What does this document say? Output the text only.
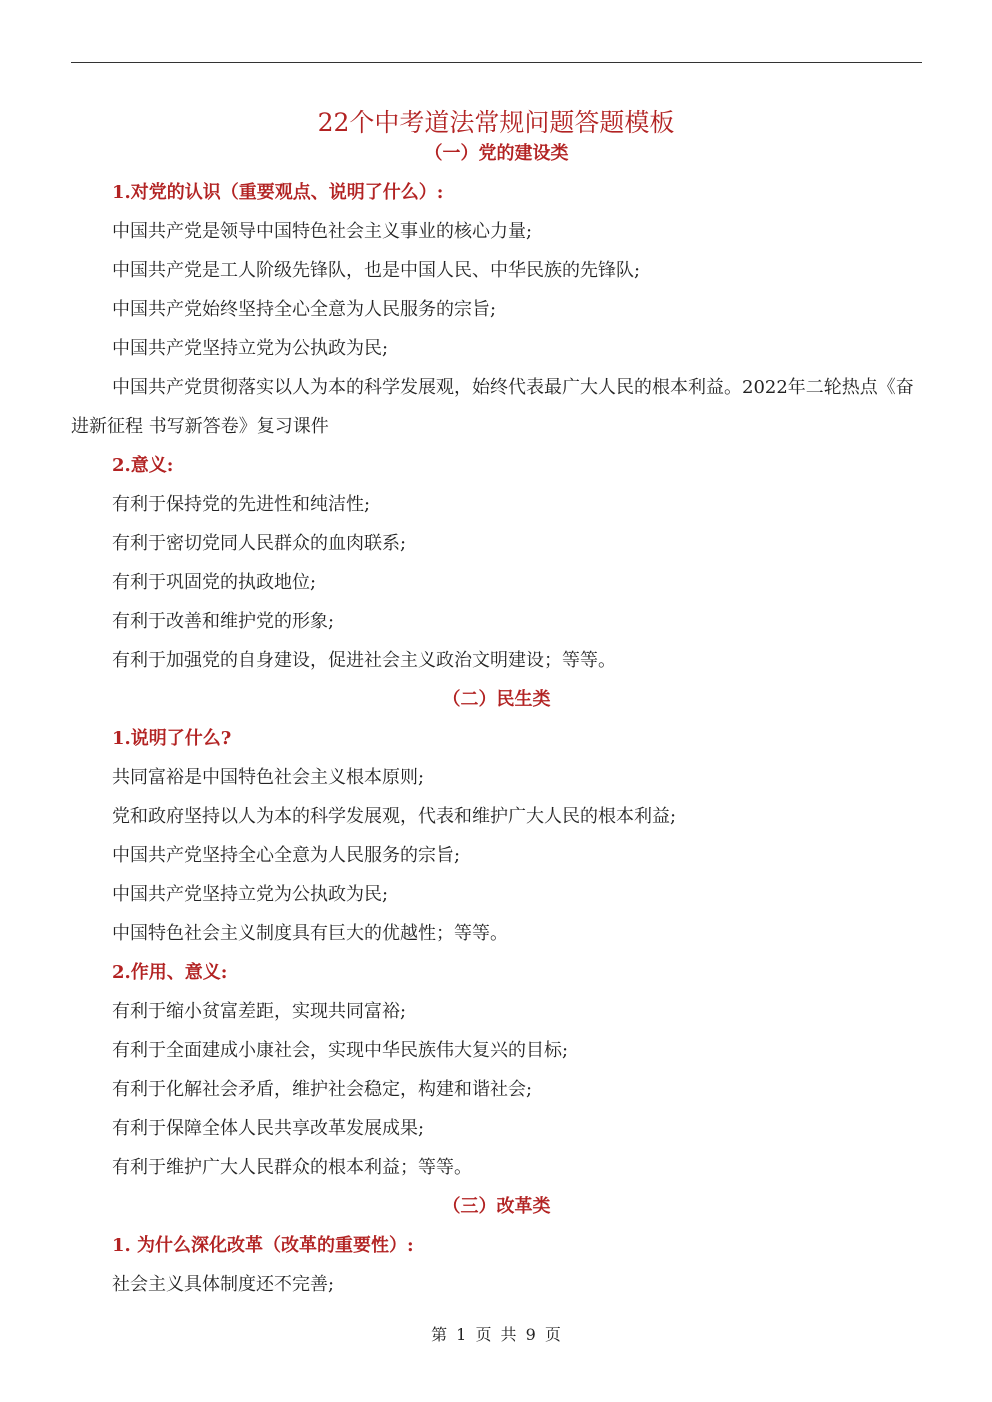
22个中考道法常规问题答题模板
（一）党的建设类
1.对党的认识（重要观点、说明了什么）:
中国共产党是领导中国特色社会主义事业的核心力量;
中国共产党是工人阶级先锋队，也是中国人民、中华民族的先锋队;
中国共产党始终坚持全心全意为人民服务的宗旨;
中国共产党坚持立党为公执政为民;

中国共产党贯彻落实以人为本的科学发展观，始终代表最广大人民的根本利益。2022年二轮热点《奋进新征程 书写新答卷》复习课件

2.意义:
有利于保持党的先进性和纯洁性;
有利于密切党同人民群众的血肉联系;
有利于巩固党的执政地位;
有利于改善和维护党的形象;
有利于加强党的自身建设，促进社会主义政治文明建设；等等。
（二）民生类
1.说明了什么?
共同富裕是中国特色社会主义根本原则;
党和政府坚持以人为本的科学发展观，代表和维护广大人民的根本利益;
中国共产党坚持全心全意为人民服务的宗旨;
中国共产党坚持立党为公执政为民;
中国特色社会主义制度具有巨大的优越性；等等。
2.作用、意义:
有利于缩小贫富差距，实现共同富裕;
有利于全面建成小康社会，实现中华民族伟大复兴的目标;
有利于化解社会矛盾，维护社会稳定，构建和谐社会;
有利于保障全体人民共享改革发展成果;
有利于维护广大人民群众的根本利益；等等。
（三）改革类
1. 为什么深化改革（改革的重要性）:
社会主义具体制度还不完善;
第 1 页 共 9 页
